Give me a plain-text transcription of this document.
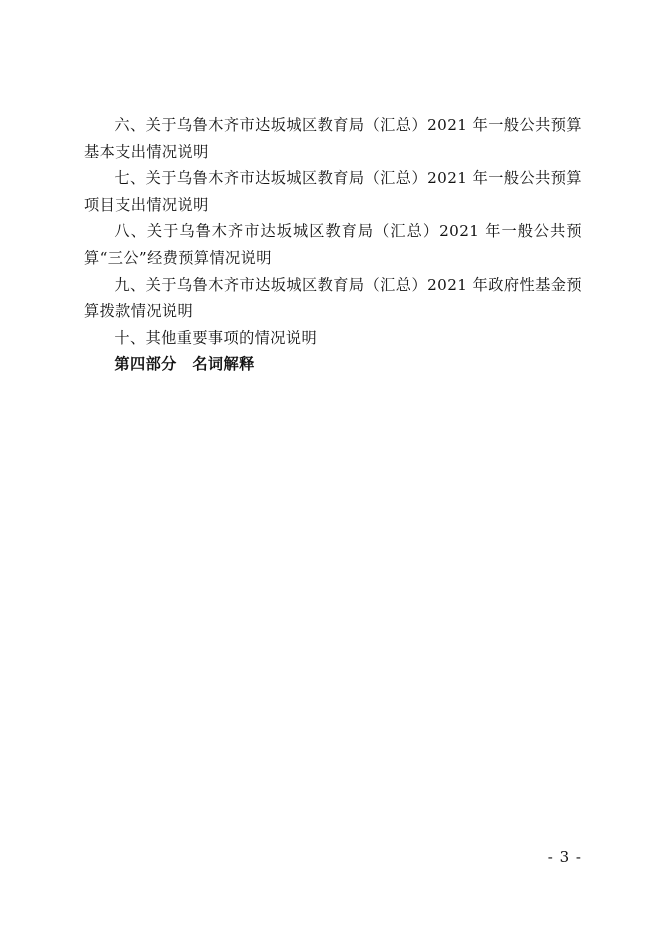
六、关于乌鲁木齐市达坂城区教育局（汇总）2021 年一般公共预算基本支出情况说明

七、关于乌鲁木齐市达坂城区教育局（汇总）2021 年一般公共预算项目支出情况说明

八、关于乌鲁木齐市达坂城区教育局（汇总）2021 年一般公共预算“三公”经费预算情况说明

九、关于乌鲁木齐市达坂城区教育局（汇总）2021 年政府性基金预算拨款情况说明

十、其他重要事项的情况说明

第四部分　名词解释

- 3 -
